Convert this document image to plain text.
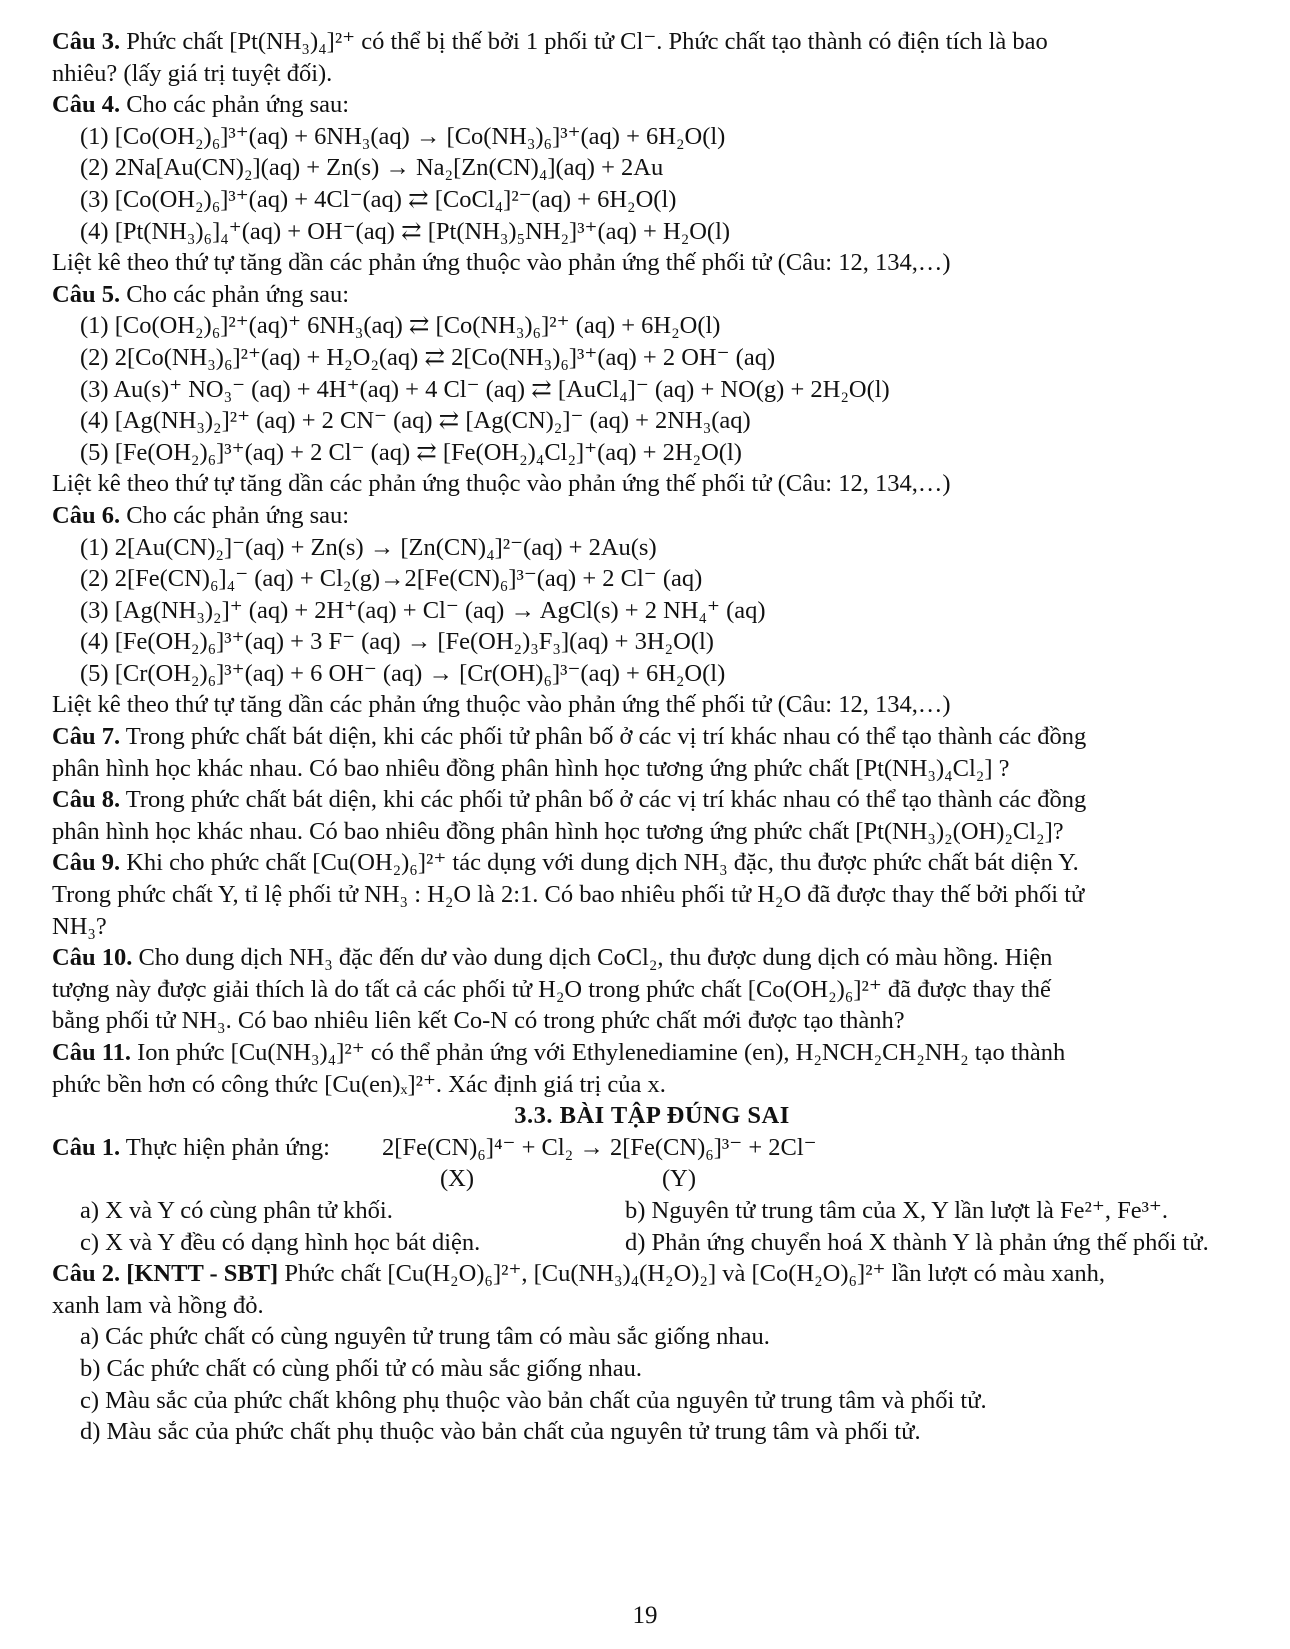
Câu 3. Phức chất [Pt(NH₃)₄]²⁺ có thể bị thế bởi 1 phối tử Cl⁻. Phức chất tạo thành có điện tích là bao
nhiêu? (lấy giá trị tuyệt đối).
Câu 4. Cho các phản ứng sau:
(1) [Co(OH₂)₆]³⁺(aq) + 6NH₃(aq) → [Co(NH₃)₆]³⁺(aq) + 6H₂O(l)
(2) 2Na[Au(CN)₂](aq) + Zn(s) → Na₂[Zn(CN)₄](aq) + 2Au
(3) [Co(OH₂)₆]³⁺(aq) + 4Cl⁻(aq) ⇄ [CoCl₄]²⁻(aq) + 6H₂O(l)
(4) [Pt(NH₃)₆]₄⁺(aq) + OH⁻(aq) ⇄ [Pt(NH₃)₅NH₂]³⁺(aq) + H₂O(l)
Liệt kê theo thứ tự tăng dần các phản ứng thuộc vào phản ứng thế phối tử (Câu: 12, 134,…)
Câu 5. Cho các phản ứng sau:
(1) [Co(OH₂)₆]²⁺(aq)⁺ 6NH₃(aq) ⇄ [Co(NH₃)₆]²⁺ (aq) + 6H₂O(l)
(2) 2[Co(NH₃)₆]²⁺(aq) + H₂O₂(aq) ⇄ 2[Co(NH₃)₆]³⁺(aq) + 2 OH⁻ (aq)
(3) Au(s)⁺ NO₃⁻ (aq) + 4H⁺(aq) + 4 Cl⁻ (aq) ⇄ [AuCl₄]⁻ (aq) + NO(g) + 2H₂O(l)
(4) [Ag(NH₃)₂]²⁺ (aq) + 2 CN⁻ (aq) ⇄ [Ag(CN)₂]⁻ (aq) + 2NH₃(aq)
(5) [Fe(OH₂)₆]³⁺(aq) + 2 Cl⁻ (aq) ⇄ [Fe(OH₂)₄Cl₂]⁺(aq) + 2H₂O(l)
Liệt kê theo thứ tự tăng dần các phản ứng thuộc vào phản ứng thế phối tử (Câu: 12, 134,…)
Câu 6. Cho các phản ứng sau:
(1) 2[Au(CN)₂]⁻(aq) + Zn(s) → [Zn(CN)₄]²⁻(aq) + 2Au(s)
(2) 2[Fe(CN)₆]₄⁻ (aq) + Cl₂(g)→2[Fe(CN)₆]³⁻(aq) + 2 Cl⁻ (aq)
(3) [Ag(NH₃)₂]⁺ (aq) + 2H⁺(aq) + Cl⁻ (aq) → AgCl(s) + 2 NH₄⁺ (aq)
(4) [Fe(OH₂)₆]³⁺(aq) + 3 F⁻ (aq) → [Fe(OH₂)₃F₃](aq) + 3H₂O(l)
(5) [Cr(OH₂)₆]³⁺(aq) + 6 OH⁻ (aq) → [Cr(OH)₆]³⁻(aq) + 6H₂O(l)
Liệt kê theo thứ tự tăng dần các phản ứng thuộc vào phản ứng thế phối tử (Câu: 12, 134,…)
Câu 7. Trong phức chất bát diện, khi các phối tử phân bố ở các vị trí khác nhau có thể tạo thành các đồng
phân hình học khác nhau. Có bao nhiêu đồng phân hình học tương ứng phức chất [Pt(NH₃)₄Cl₂] ?
Câu 8. Trong phức chất bát diện, khi các phối tử phân bố ở các vị trí khác nhau có thể tạo thành các đồng
phân hình học khác nhau. Có bao nhiêu đồng phân hình học tương ứng phức chất [Pt(NH₃)₂(OH)₂Cl₂]?
Câu 9. Khi cho phức chất [Cu(OH₂)₆]²⁺ tác dụng với dung dịch NH₃ đặc, thu được phức chất bát diện Y.
Trong phức chất Y, tỉ lệ phối tử NH₃ : H₂O là 2:1. Có bao nhiêu phối tử H₂O đã được thay thế bởi phối tử
NH₃?
Câu 10. Cho dung dịch NH₃ đặc đến dư vào dung dịch CoCl₂, thu được dung dịch có màu hồng. Hiện
tượng này được giải thích là do tất cả các phối tử H₂O trong phức chất [Co(OH₂)₆]²⁺ đã được thay thế
bằng phối tử NH₃. Có bao nhiêu liên kết Co-N có trong phức chất mới được tạo thành?
Câu 11. Ion phức [Cu(NH₃)₄]²⁺ có thể phản ứng với Ethylenediamine (en), H₂NCH₂CH₂NH₂ tạo thành
phức bền hơn có công thức [Cu(en)ₓ]²⁺. Xác định giá trị của x.
3.3. BÀI TẬP ĐÚNG SAI
Câu 1. Thực hiện phản ứng: 2[Fe(CN)₆]⁴⁻ + Cl₂ → 2[Fe(CN)₆]³⁻ + 2Cl⁻
(X)	(Y)
a) X và Y có cùng phân tử khối.	b) Nguyên tử trung tâm của X, Y lần lượt là Fe²⁺, Fe³⁺.
c) X và Y đều có dạng hình học bát diện.	d) Phản ứng chuyển hoá X thành Y là phản ứng thế phối tử.
Câu 2. [KNTT - SBT] Phức chất [Cu(H₂O)₆]²⁺, [Cu(NH₃)₄(H₂O)₂] và [Co(H₂O)₆]²⁺ lần lượt có màu xanh,
xanh lam và hồng đỏ.
a) Các phức chất có cùng nguyên tử trung tâm có màu sắc giống nhau.
b) Các phức chất có cùng phối tử có màu sắc giống nhau.
c) Màu sắc của phức chất không phụ thuộc vào bản chất của nguyên tử trung tâm và phối tử.
d) Màu sắc của phức chất phụ thuộc vào bản chất của nguyên tử trung tâm và phối tử.
19
